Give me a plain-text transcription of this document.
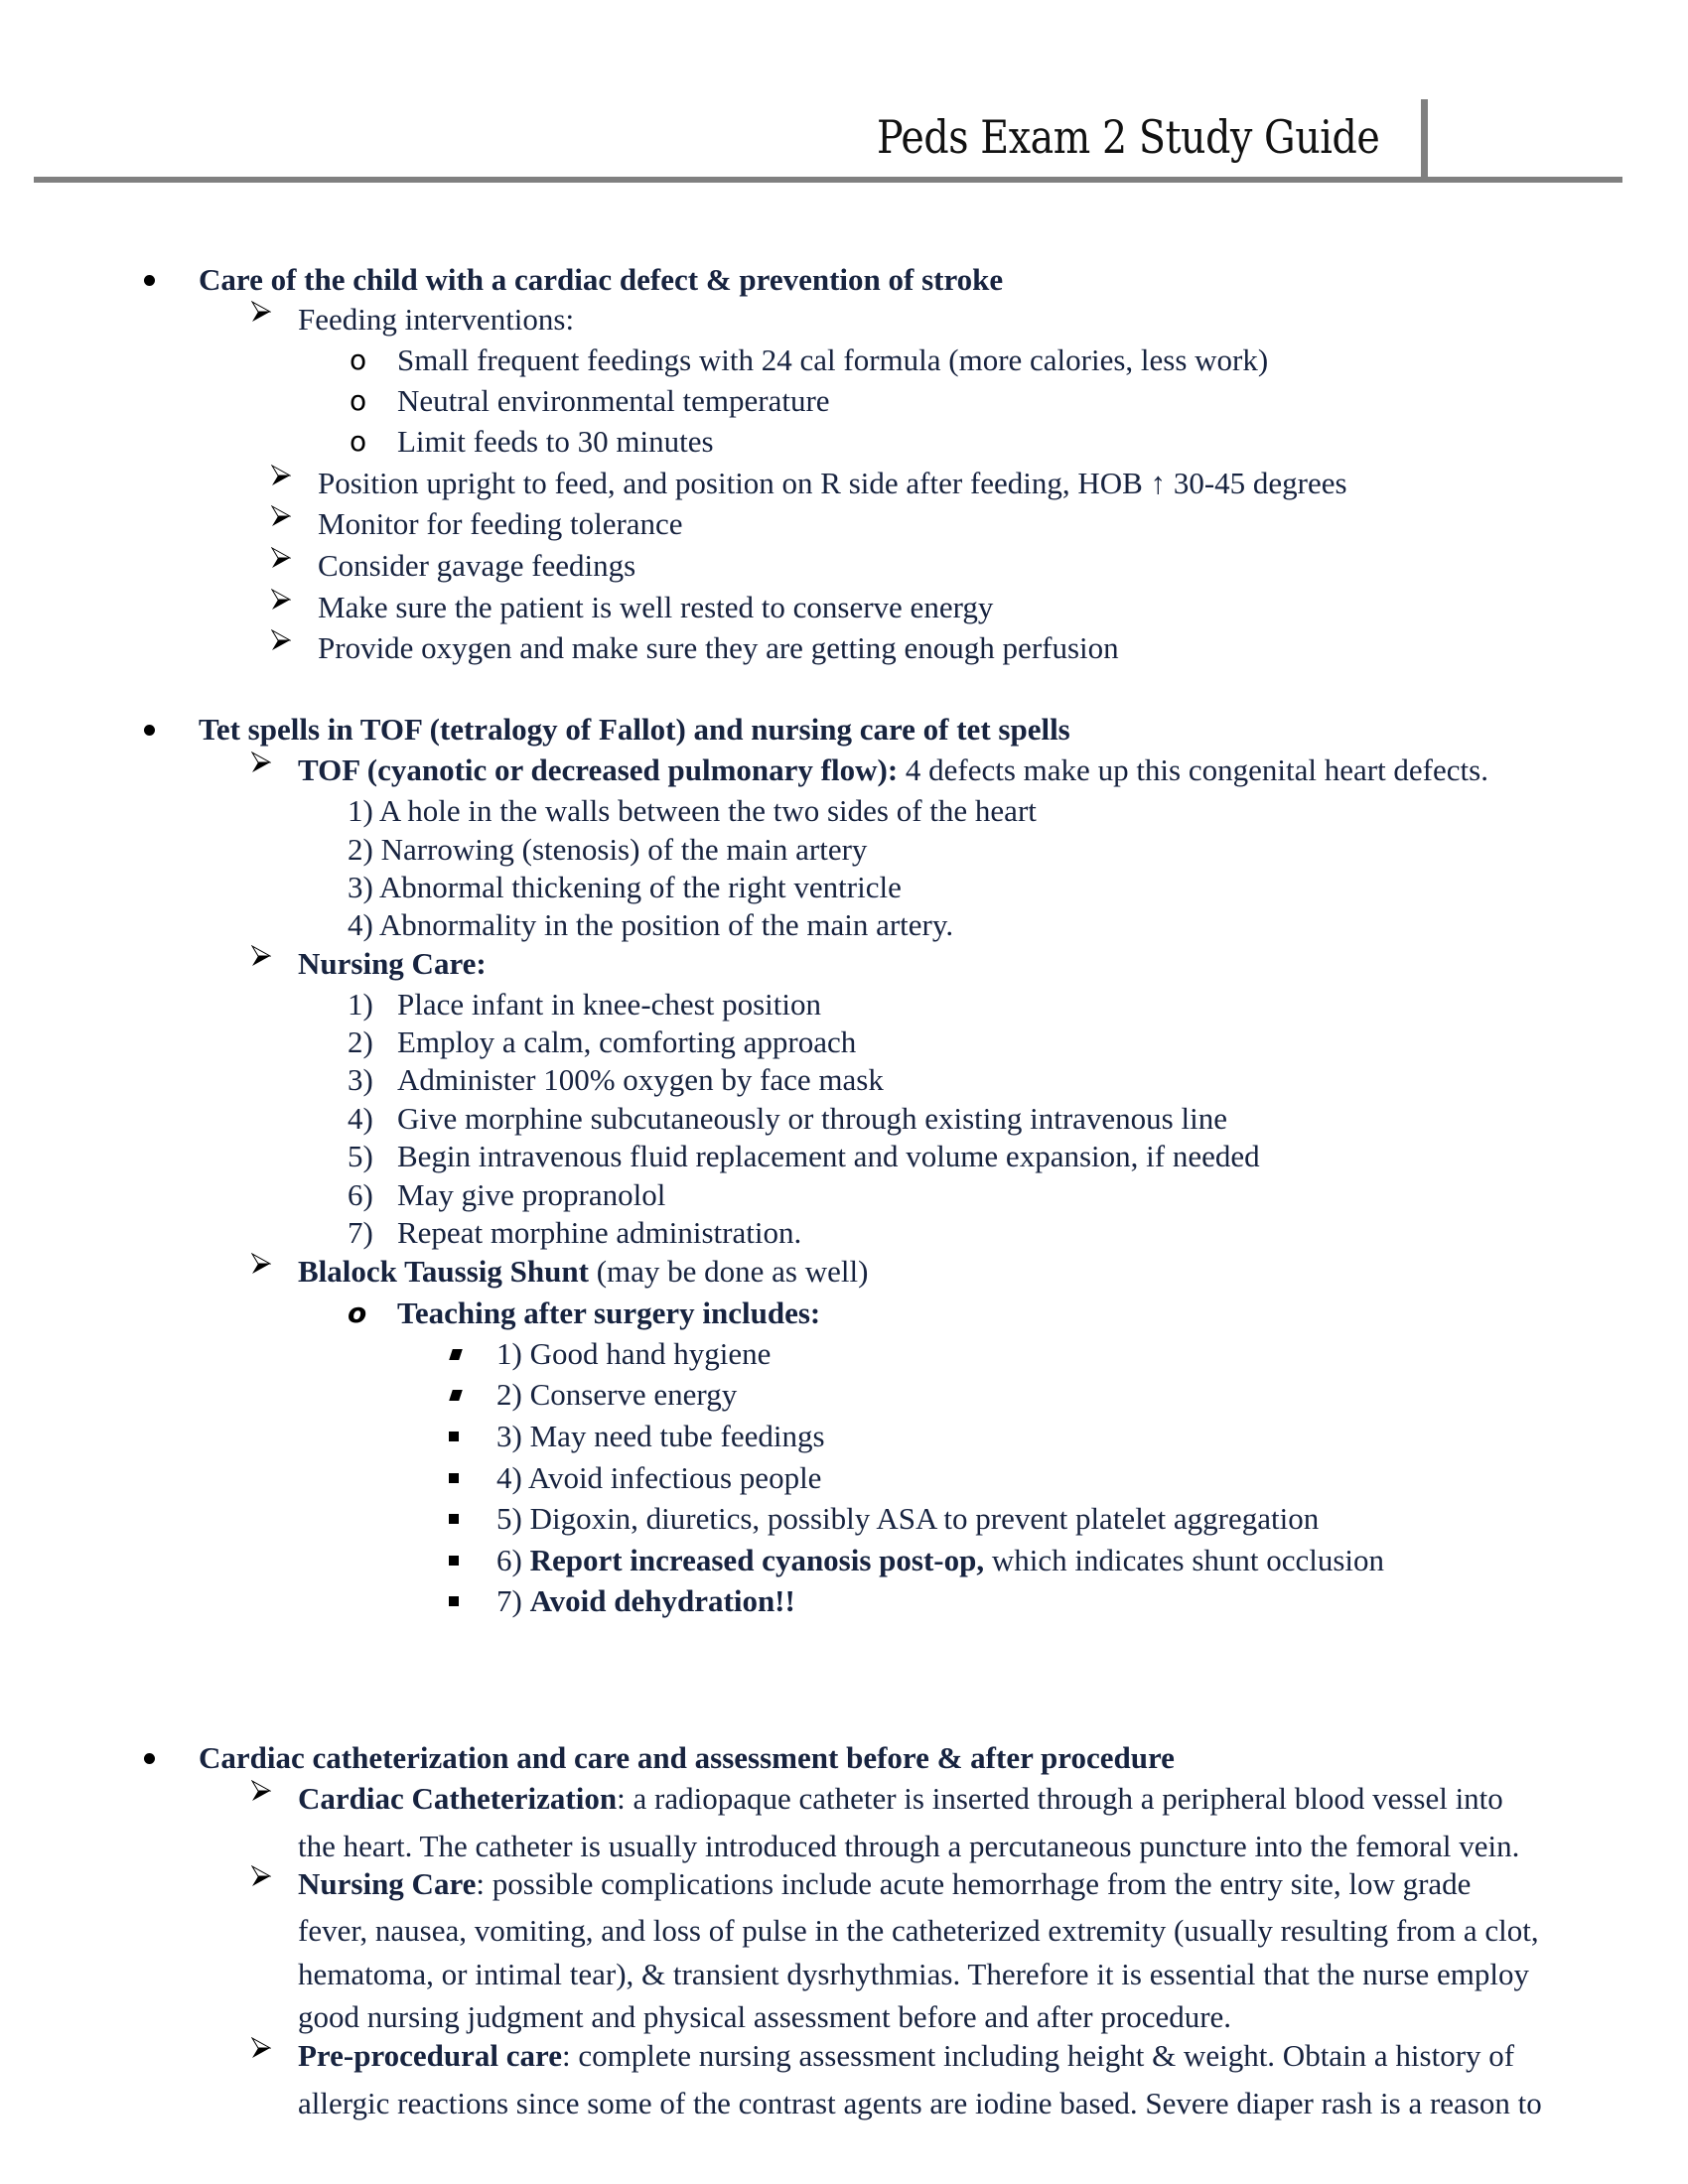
Peds Exam 2 Study Guide
Care of the child with a cardiac defect & prevention of stroke
Feeding interventions:
o Small frequent feedings with 24 cal formula (more calories, less work)
o Neutral environmental temperature
o Limit feeds to 30 minutes
Position upright to feed, and position on R side after feeding, HOB ↑ 30-45 degrees
Monitor for feeding tolerance
Consider gavage feedings
Make sure the patient is well rested to conserve energy
Provide oxygen and make sure they are getting enough perfusion
Tet spells in TOF (tetralogy of Fallot) and nursing care of tet spells
TOF (cyanotic or decreased pulmonary flow): 4 defects make up this congenital heart defects.
1) A hole in the walls between the two sides of the heart
2) Narrowing (stenosis) of the main artery
3) Abnormal thickening of the right ventricle
4) Abnormality in the position of the main artery.
Nursing Care:
1) Place infant in knee-chest position
2) Employ a calm, comforting approach
3) Administer 100% oxygen by face mask
4) Give morphine subcutaneously or through existing intravenous line
5) Begin intravenous fluid replacement and volume expansion, if needed
6) May give propranolol
7) Repeat morphine administration.
Blalock Taussig Shunt (may be done as well)
o Teaching after surgery includes:
1) Good hand hygiene
2) Conserve energy
3) May need tube feedings
4) Avoid infectious people
5) Digoxin, diuretics, possibly ASA to prevent platelet aggregation
6) Report increased cyanosis post-op, which indicates shunt occlusion
7) Avoid dehydration!!
Cardiac catheterization and care and assessment before & after procedure
Cardiac Catheterization: a radiopaque catheter is inserted through a peripheral blood vessel into
the heart. The catheter is usually introduced through a percutaneous puncture into the femoral vein.
Nursing Care: possible complications include acute hemorrhage from the entry site, low grade
fever, nausea, vomiting, and loss of pulse in the catheterized extremity (usually resulting from a clot,
hematoma, or intimal tear), & transient dysrhythmias. Therefore it is essential that the nurse employ
good nursing judgment and physical assessment before and after procedure.
Pre-procedural care: complete nursing assessment including height & weight. Obtain a history of
allergic reactions since some of the contrast agents are iodine based. Severe diaper rash is a reason to
